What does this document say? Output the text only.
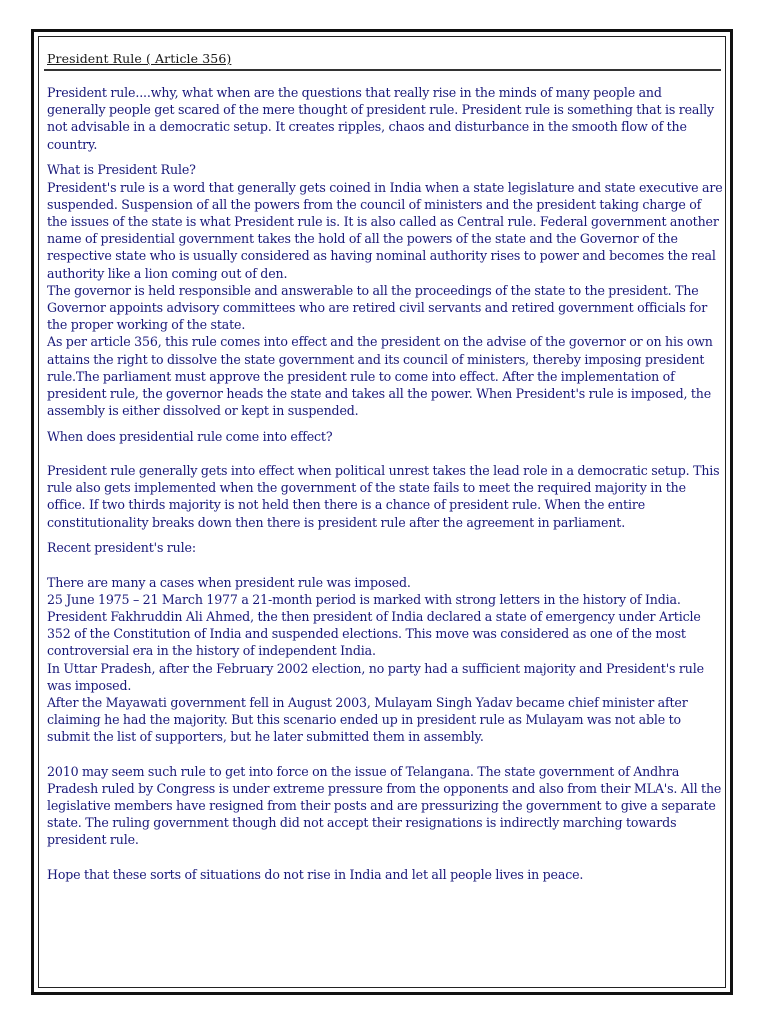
President Rule ( Article 356)

President rule....why, what when are the questions that really rise in the minds of many people and generally people get scared of the mere thought of president rule. President rule is something that is really not advisable in a democratic setup. It creates ripples, chaos and disturbance in the smooth flow of the country.

What is President Rule?

President's rule is a word that generally gets coined in India when a state legislature and state executive are suspended. Suspension of all the powers from the council of ministers and the president taking charge of the issues of the state is what President rule is. It is also called as Central rule. Federal government another name of presidential government takes the hold of all the powers of the state and the Governor of the respective state who is usually considered as having nominal authority rises to power and becomes the real authority like a lion coming out of den.

The governor is held responsible and answerable to all the proceedings of the state to the president. The Governor appoints advisory committees who are retired civil servants and retired government officials for the proper working of the state.

As per article 356, this rule comes into effect and the president on the advise of the governor or on his own attains the right to dissolve the state government and its council of ministers, thereby imposing president rule.The parliament must approve the president rule to come into effect. After the implementation of president rule, the governor heads the state and takes all the power. When President's rule is imposed, the assembly is either dissolved or kept in suspended.

When does presidential rule come into effect?

President rule generally gets into effect when political unrest takes the lead role in a democratic setup. This rule also gets implemented when the government of the state fails to meet the required majority in the office. If two thirds majority is not held then there is a chance of president rule. When the entire constitutionality breaks down then there is president rule after the agreement in parliament.

Recent president's rule:

There are many a cases when president rule was imposed.

25 June 1975 – 21 March 1977 a 21-month period is marked with strong letters in the history of India. President Fakhruddin Ali Ahmed, the then president of India declared a state of emergency under Article 352 of the Constitution of India and suspended elections. This move was considered as one of the most controversial era in the history of independent India.

In Uttar Pradesh, after the February 2002 election, no party had a sufficient majority and President's rule was imposed.

After the Mayawati government fell in August 2003, Mulayam Singh Yadav became chief minister after claiming he had the majority. But this scenario ended up in president rule as Mulayam was not able to submit the list of supporters, but he later submitted them in assembly.

2010 may seem such rule to get into force on the issue of Telangana. The state government of Andhra Pradesh ruled by Congress is under extreme pressure from the opponents and also from their MLA's. All the legislative members have resigned from their posts and are pressurizing the government to give a separate state. The ruling government though did not accept their resignations is indirectly marching towards president rule.

Hope that these sorts of situations do not rise in India and let all people lives in peace.
